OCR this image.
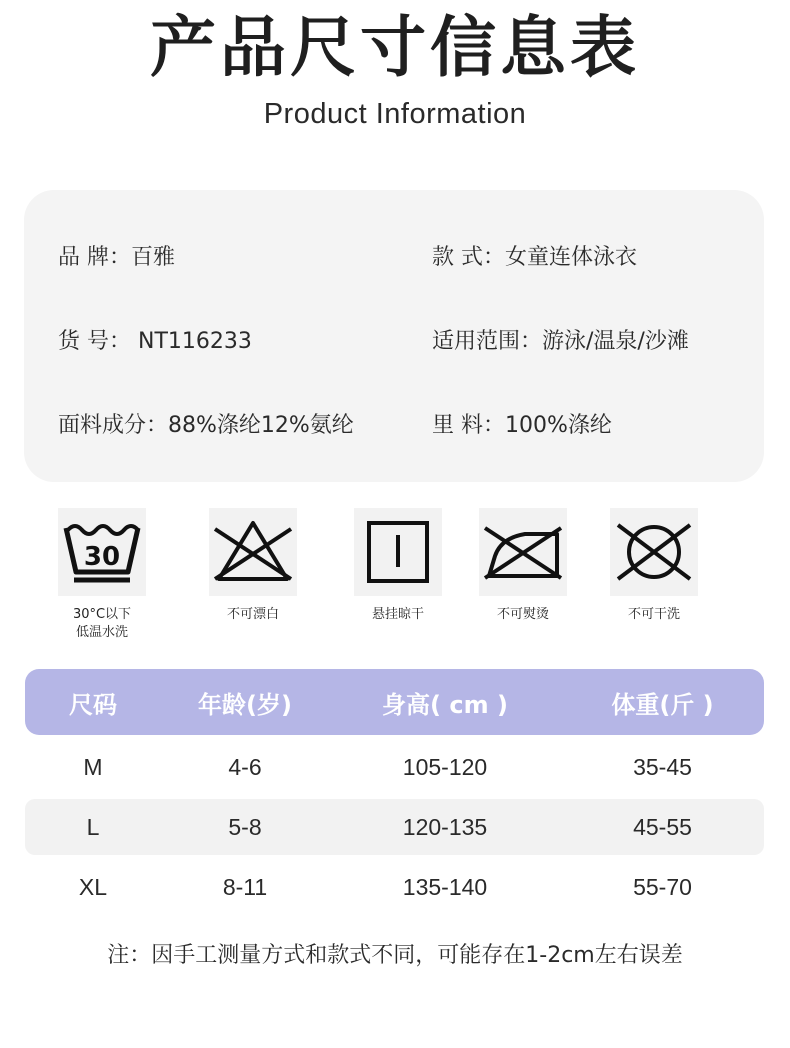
产品尺寸信息表
Product Information
品 牌：百雅	款 式：女童连体泳衣
货 号： NT116233	适用范围：游泳/温泉/沙滩
面料成分：88%涤纶12%氨纶	里 料：100%涤纶
30
30°C以下
低温水洗
不可漂白	悬挂晾干	不可熨烫	不可干洗
尺码	年龄(岁)	身高( cm )	体重(斤 )
M	4-6	105-120	35-45
L	5-8	120-135	45-55
XL	8-11	135-140	55-70
注：因手工测量方式和款式不同，可能存在1-2cm左右误差
